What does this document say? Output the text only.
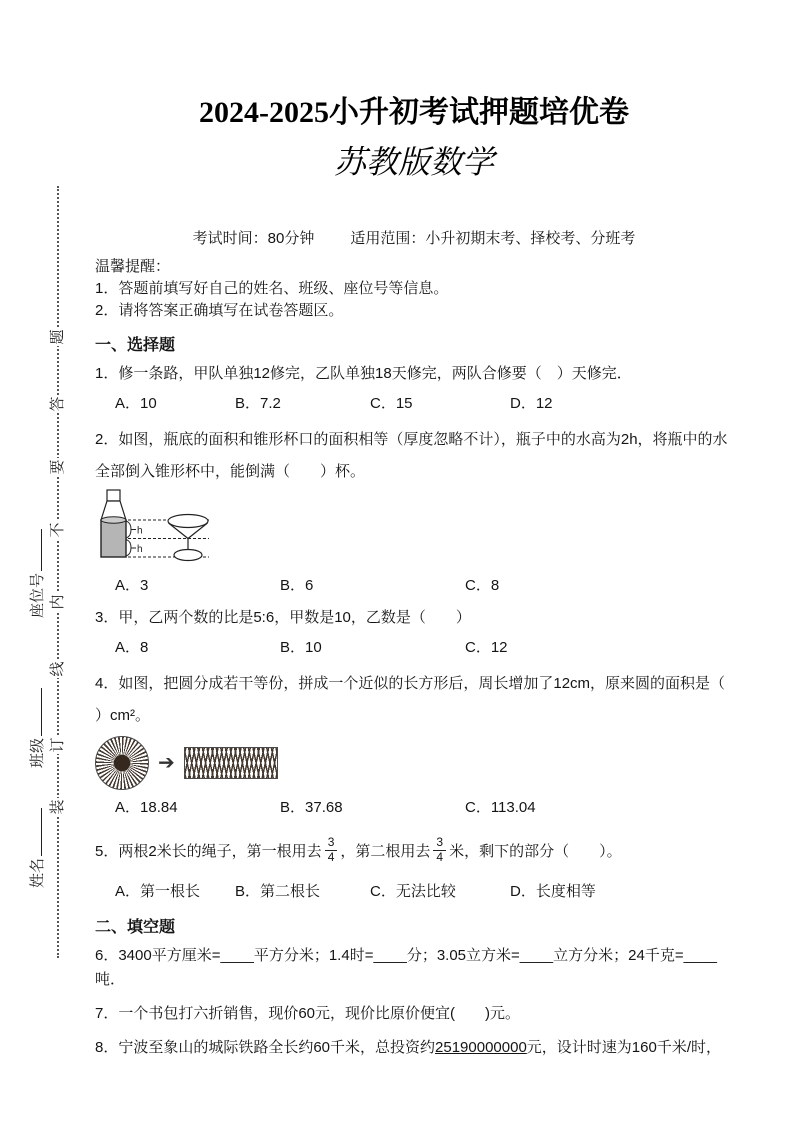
装
订
线
内
不
要
答
题
姓名
班级
座位号
2024-2025小升初考试押题培优卷
苏教版数学
考试时间：80分钟 适用范围：小升初期末考、择校考、分班考
温馨提醒：
1．答题前填写好自己的姓名、班级、座位号等信息。
2．请将答案正确填写在试卷答题区。
一、选择题
1．修一条路，甲队单独12修完，乙队单独18天修完，两队合修要（　）天修完．
A．10	B．7.2	C．15	D．12
2．如图，瓶底的面积和锥形杯口的面积相等（厚度忽略不计），瓶子中的水高为2h，将瓶中的水全部倒入锥形杯中，能倒满（　　）杯。
h
h
A．3	B．6	C．8
3．甲，乙两个数的比是5:6，甲数是10，乙数是（　　）
A．8	B．10	C．12
4．如图，把圆分成若干等份，拼成一个近似的长方形后，周长增加了12cm，原来圆的面积是（ ）cm²。
➔
A．18.84	B．37.68	C．113.04
5．两根2米长的绳子，第一根用去 $\frac{3}{4}$ ，第二根用去 $\frac{3}{4}$ 米，剩下的部分（　　）。
A．第一根长	B．第二根长	C．无法比较	D．长度相等
二、填空题
6．3400平方厘米=____平方分米；1.4时=____分；3.05立方米=____立方分米；24千克=____吨．
7．一个书包打六折销售，现价60元，现价比原价便宜(　　)元。
8．宁波至象山的城际铁路全长约60千米，总投资约25190000000元，设计时速为160千米/时，
